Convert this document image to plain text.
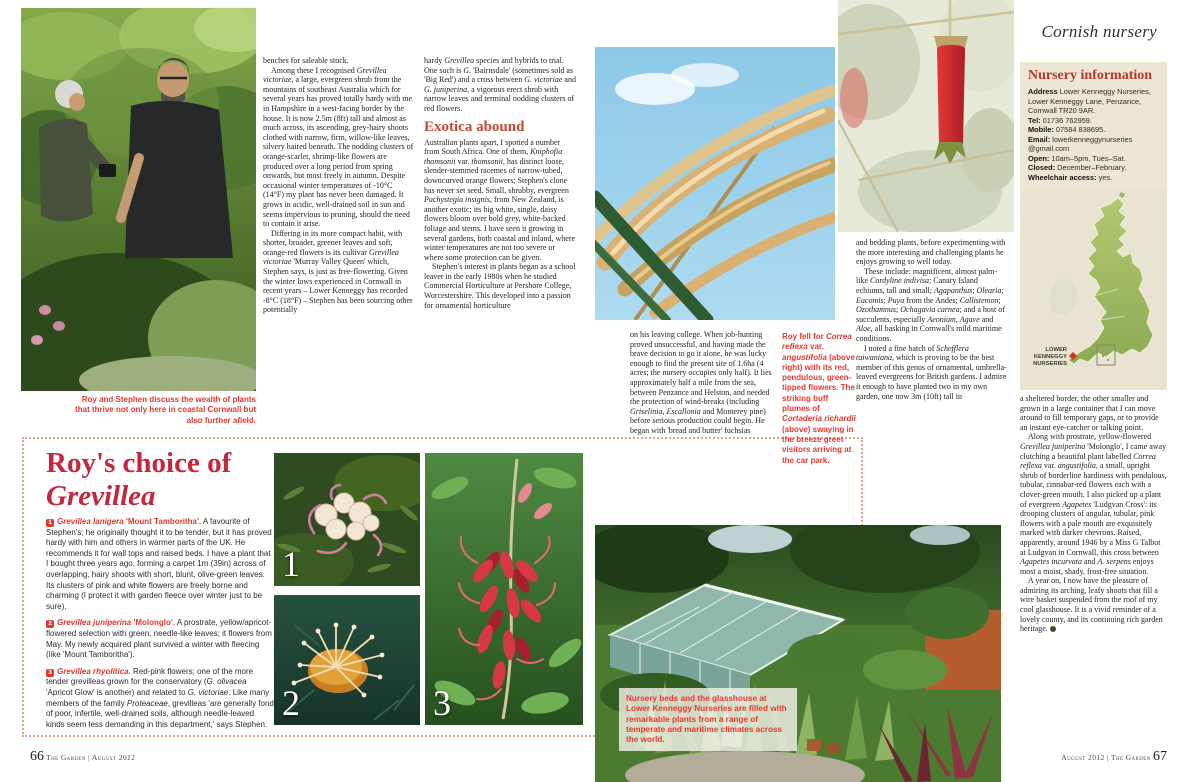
Roy and Stephen discuss the wealth of plants that thrive not only here in coastal Cornwall but also further afield.

benches for saleable stock.

Among these I recognised Grevillea victoriae, a large, evergreen shrub from the mountains of southeast Australia which for several years has proved totally hardy with me in Hampshire in a west-facing border by the house. It is now 2.5m (8ft) tall and almost as much across, its ascending, grey-hairy shoots clothed with narrow, firm, willow-like leaves, silvery haired beneath. The nodding clusters of orange-scarlet, shrimp-like flowers are produced over a long period from spring onwards, but most freely in autumn. Despite occasional winter temperatures of -10°C (14°F) my plant has never been damaged. It grows in acidic, well-drained soil in sun and seems impervious to pruning, should the need to contain it arise.

Differing in its more compact habit, with shorter, broader, greener leaves and soft, orange-red flowers is its cultivar Grevillea victoriae 'Murray Valley Queen' which, Stephen says, is just as free-flowering. Given the winter lows experienced in Cornwall in recent years – Lower Kenneggy has recorded -8°C (18°F) – Stephen has been sourcing other potentially

hardy Grevillea species and hybrids to trial. One such is G. 'Bairnsdale' (sometimes sold as 'Big Red') and a cross between G. victoriae and G. juniperina, a vigorous erect shrub with narrow leaves and terminal nodding clusters of red flowers.

Exotica abound

Australian plants apart, I spotted a number from South Africa. One of them, Kniphofia thomsonii var. thomsonii, has distinct loose, slender-stemmed racemes of narrow-tubed, downcurved orange flowers; Stephen's clone has never set seed. Small, shrubby, evergreen Pachystegia insignis, from New Zealand, is another exotic; its big white, single, daisy flowers bloom over bold grey, white-backed foliage and stems. I have seen it growing in several gardens, both coastal and inland, where winter temperatures are not too severe or where some protection can be given.

Stephen's interest in plants began as a school leaver in the early 1980s when he studied Commercial Horticulture at Pershore College, Worcestershire. This developed into a passion for ornamental horticulture

Roy's choice of
Grevillea
1 Grevillea lanigera 'Mount Tamboritha'. A favourite of Stephen's; he originally thought it to be tender, but it has proved hardy with him and others in warmer parts of the UK. He recommends it for wall tops and raised beds. I have a plant that I bought three years ago, forming a carpet 1m (39in) across of overlapping, hairy shoots with short, blunt, olive-green leaves. Its clusters of pink and white flowers are freely borne and charming (I protect it with garden fleece over winter just to be sure).
2 Grevillea juniperina 'Molonglo'. A prostrate, yellow/apricot-flowered selection with green, needle-like leaves; it flowers from May. My newly acquired plant survived a winter with fleecing (like 'Mount Tamboritha').
3 Grevillea rhyolitica. Red-pink flowers; one of the more tender grevilleas grown for the conservatory (G. olivacea 'Apricot Glow' is another) and related to G. victoriae. Like many members of the family Proteaceae, grevilleas 'are generally fond of poor, infertile, well-drained soils, although needle-leaved kinds seem less demanding in this department,' says Stephen.
1
2	3
66 The Garden | August 2012

on his leaving college. When job-hunting proved unsuccessful, and having made the brave decision to go it alone, he was lucky enough to find the present site of 1.6ha (4 acres; the nursery occupies only half). It lies approximately half a mile from the sea, between Penzance and Helston, and needed the protection of wind-breaks (including Griselinia, Escallonia and Monterey pine) before serious production could begin. He began with 'bread and butter' fuchsias

Roy fell for Correa reflexa var. angustifolia (above right) with its red, pendulous, green-tipped flowers. The striking buff plumes of Cortaderia richardii (above) swaying in the breeze greet visitors arriving at the car park.

and bedding plants, before experimenting with the more interesting and challenging plants he enjoys growing so well today.

These include: magnificent, almost palm-like Cordyline indivisa; Canary Island echiums, tall and small; Agapanthus; Olearia; Eucomis; Puya from the Andes; Callistemon; Ozothamnus; Ochagavia carnea; and a host of succulents, especially Aeonium, Agave and Aloe, all basking in Cornwall's mild maritime conditions.

I noted a fine batch of Schefflera taiwaniana, which is proving to be the best member of this genus of ornamental, umbrella-leaved evergreens for British gardens. I admire it enough to have planted two in my own garden, one now 3m (10ft) tall in

Nursery beds and the glasshouse at Lower Kenneggy Nurseries are filled with remarkable plants from a range of temperate and maritime climates across the world.
Cornish nursery
Nursery information
Address Lower Kenneggy Nurseries, Lower Kenneggy Lane, Penzance, Cornwall TR20 9AR.
Tel: 01736 762959.
Mobile: 07584 838695.
Email: lowerkenneggynurseries @gmail.com
Open: 10am–5pm, Tues–Sat.
Closed: December–February.
Wheelchair access: yes.
LOWER
KENNEGGY
NURSERIES

a sheltered border, the other smaller and grown in a large container that I can move around to fill temporary gaps, or to provide an instant eye-catcher or talking point.

Along with prostrate, yellow-flowered Grevillea juniperina 'Molonglo', I came away clutching a beautiful plant labelled Correa reflexa var. angustifolia, a small, upright shrub of borderline hardiness with pendulous, tubular, cinnabar-red flowers each with a clover-green mouth. I also picked up a plant of evergreen Agapetes 'Ludgvan Cross': its drooping clusters of angular, tubular, pink flowers with a pale mouth are exquisitely marked with darker chevrons. Raised, apparently, around 1946 by a Miss G Talbot at Ludgvan in Cornwall, this cross between Agapetes incurvata and A. serpens enjoys most a moist, shady, frost-free situation.

A year on, I now have the pleasure of admiring its arching, leafy shoots that fill a wire basket suspended from the roof of my cool glasshouse. It is a vivid reminder of a lovely county, and its continuing rich garden heritage.

August 2012 | The Garden 67
